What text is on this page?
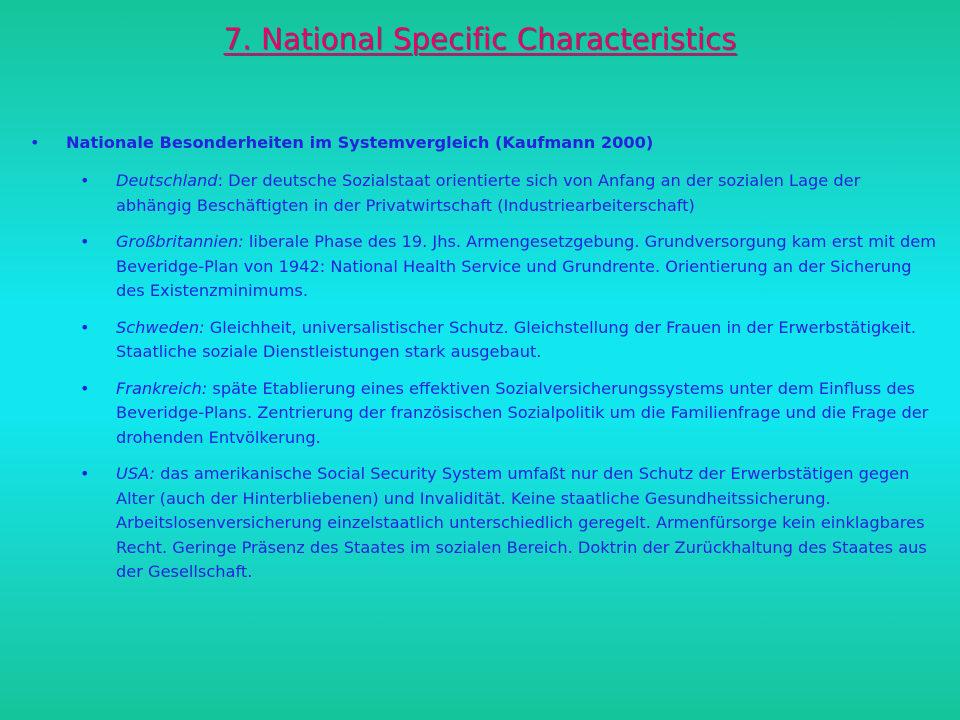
7. National Specific Characteristics
• Nationale Besonderheiten im Systemvergleich (Kaufmann 2000)
• Deutschland: Der deutsche Sozialstaat orientierte sich von Anfang an der sozialen Lage der abhängig Beschäftigten in der Privatwirtschaft (Industriearbeiterschaft)
• Großbritannien: liberale Phase des 19. Jhs. Armengesetzgebung. Grundversorgung kam erst mit dem Beveridge-Plan von 1942: National Health Service und Grundrente. Orientierung an der Sicherung des Existenzminimums.
• Schweden: Gleichheit, universalistischer Schutz. Gleichstellung der Frauen in der Erwerbstätigkeit. Staatliche soziale Dienstleistungen stark ausgebaut.
• Frankreich: späte Etablierung eines effektiven Sozialversicherungssystems unter dem Einfluss des Beveridge-Plans. Zentrierung der französischen Sozialpolitik um die Familienfrage und die Frage der drohenden Entvölkerung.
• USA: das amerikanische Social Security System umfaßt nur den Schutz der Erwerbstätigen gegen Alter (auch der Hinterbliebenen) und Invalidität. Keine staatliche Gesundheitssicherung. Arbeitslosenversicherung einzelstaatlich unterschiedlich geregelt. Armenfürsorge kein einklagbares Recht. Geringe Präsenz des Staates im sozialen Bereich. Doktrin der Zurückhaltung des Staates aus der Gesellschaft.
